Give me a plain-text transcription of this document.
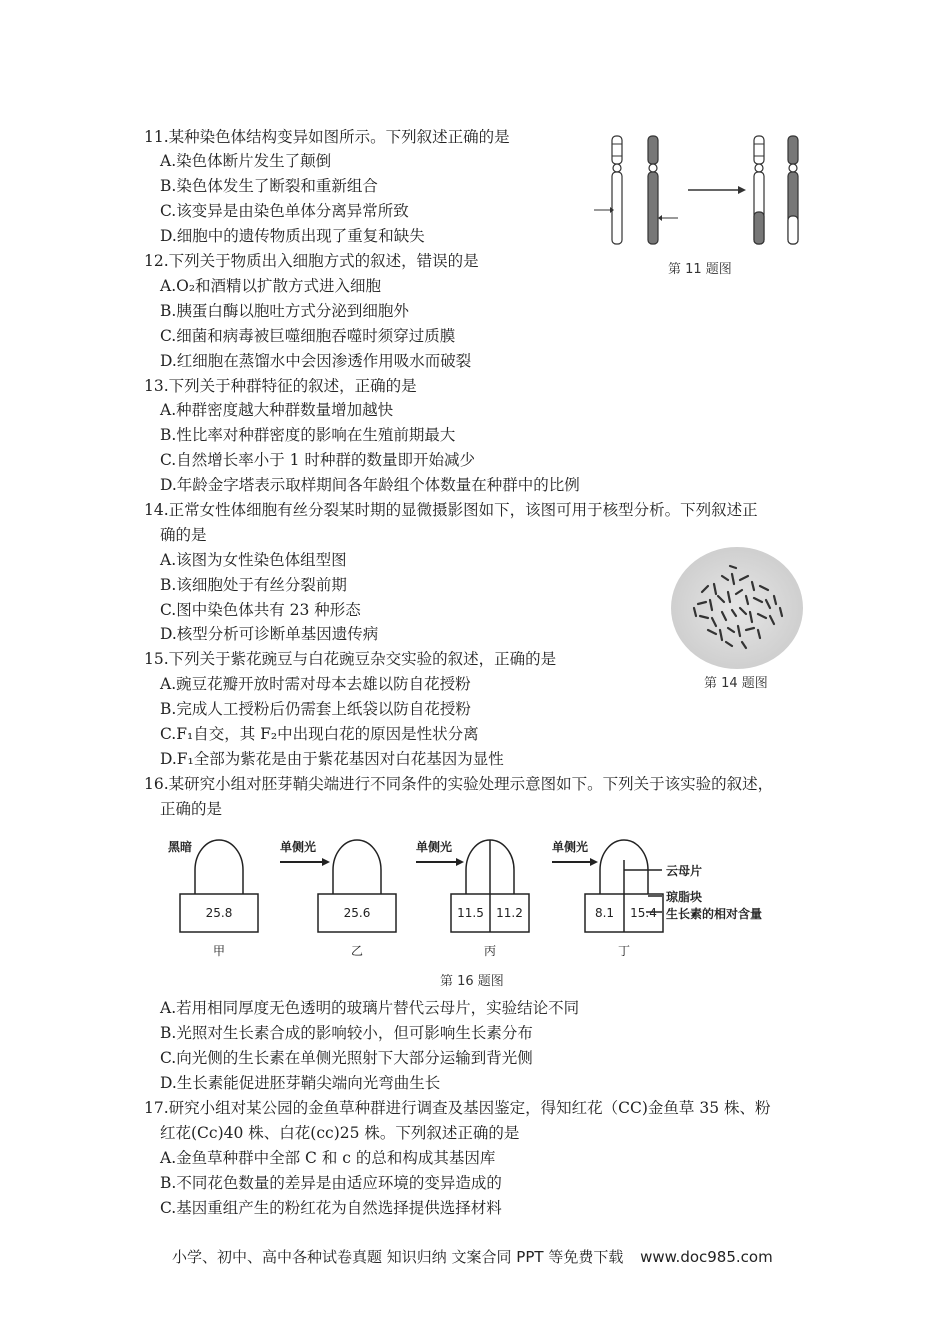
11.某种染色体结构变异如图所示。下列叙述正确的是
A.染色体断片发生了颠倒
B.染色体发生了断裂和重新组合
C.该变异是由染色单体分离异常所致
D.细胞中的遗传物质出现了重复和缺失
第 11 题图
12.下列关于物质出入细胞方式的叙述，错误的是
A.O₂和酒精以扩散方式进入细胞
B.胰蛋白酶以胞吐方式分泌到细胞外
C.细菌和病毒被巨噬细胞吞噬时须穿过质膜
D.红细胞在蒸馏水中会因渗透作用吸水而破裂
13.下列关于种群特征的叙述，正确的是
A.种群密度越大种群数量增加越快
B.性比率对种群密度的影响在生殖前期最大
C.自然增长率小于 1 时种群的数量即开始减少
D.年龄金字塔表示取样期间各年龄组个体数量在种群中的比例
14.正常女性体细胞有丝分裂某时期的显微摄影图如下，该图可用于核型分析。下列叙述正
确的是
A.该图为女性染色体组型图
B.该细胞处于有丝分裂前期
C.图中染色体共有 23 种形态
D.核型分析可诊断单基因遗传病
第 14 题图
15.下列关于紫花豌豆与白花豌豆杂交实验的叙述，正确的是
A.豌豆花瓣开放时需对母本去雄以防自花授粉
B.完成人工授粉后仍需套上纸袋以防自花授粉
C.F₁自交，其 F₂中出现白花的原因是性状分离
D.F₁全部为紫花是由于紫花基因对白花基因为显性
16.某研究小组对胚芽鞘尖端进行不同条件的实验处理示意图如下。下列关于该实验的叙述，
正确的是
黑暗	单侧光	单侧光	单侧光
25.8	25.6	11.5	11.2	8.1	15.4
云母片
琼脂块
生长素的相对含量
甲	乙	丙	丁
第 16 题图
A.若用相同厚度无色透明的玻璃片替代云母片，实验结论不同
B.光照对生长素合成的影响较小，但可影响生长素分布
C.向光侧的生长素在单侧光照射下大部分运输到背光侧
D.生长素能促进胚芽鞘尖端向光弯曲生长
17.研究小组对某公园的金鱼草种群进行调查及基因鉴定，得知红花（CC)金鱼草 35 株、粉
红花(Cc)40 株、白花(cc)25 株。下列叙述正确的是
A.金鱼草种群中全部 C 和 c 的总和构成其基因库
B.不同花色数量的差异是由适应环境的变异造成的
C.基因重组产生的粉红花为自然选择提供选择材料
小学、初中、高中各种试卷真题 知识归纳 文案合同 PPT 等免费下载 www.doc985.com
